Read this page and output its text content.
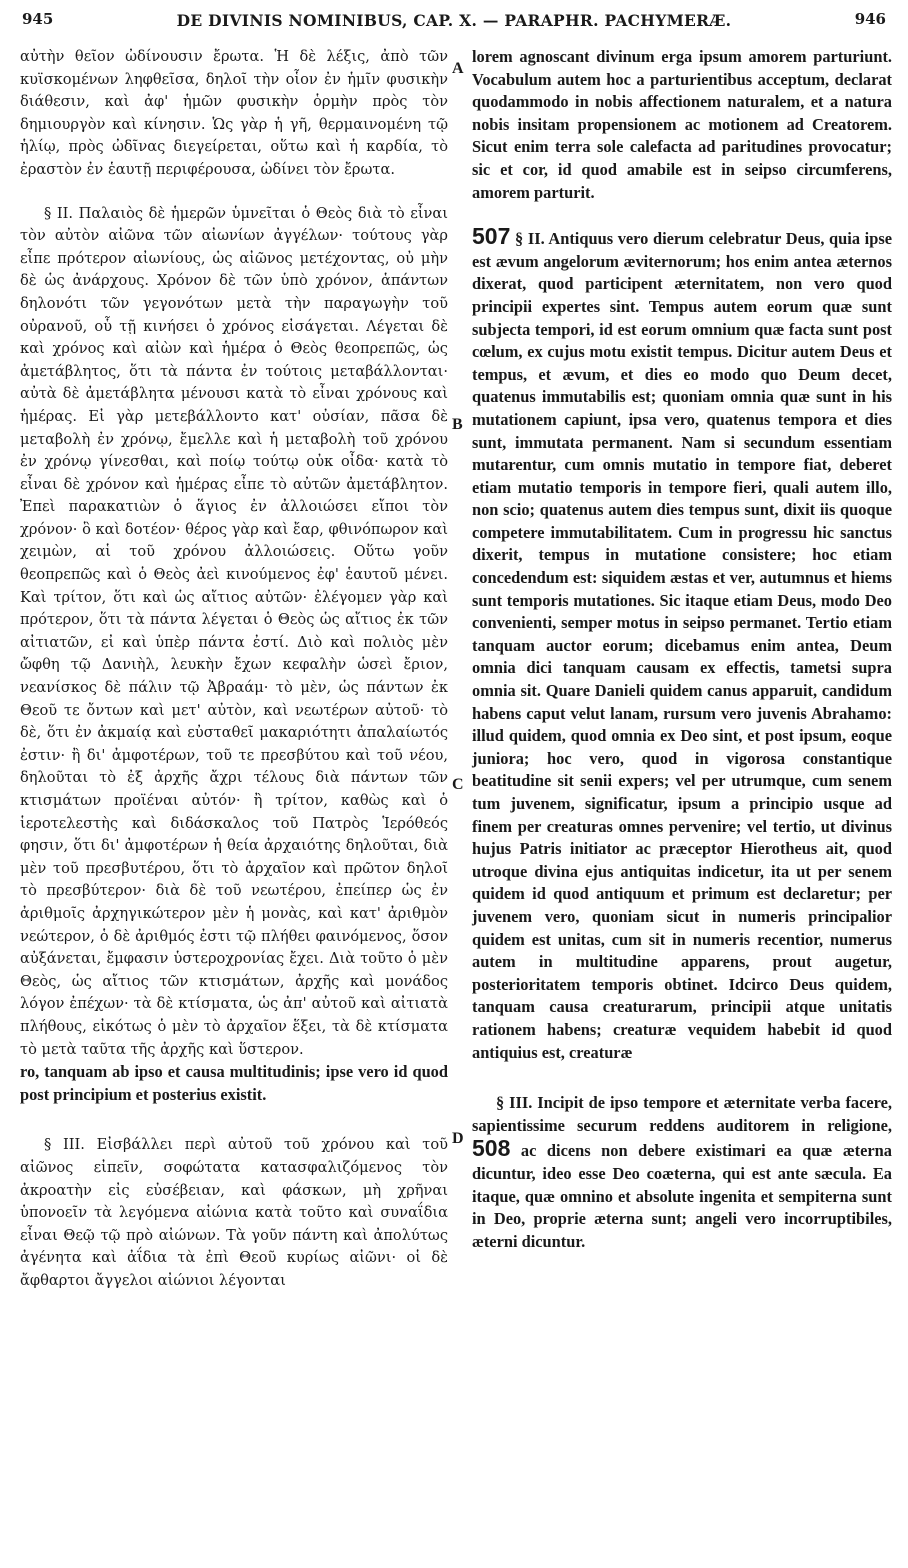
945	DE DIVINIS NOMINIBUS, CAP. X. — PARAPHR. PACHYMERÆ.	946
A
B
C
D

αὐτὴν θεῖον ὠδίνουσιν ἔρωτα. Ἡ δὲ λέξις, ἀπὸ τῶν κυϊσκομένων ληφθεῖσα, δηλοῖ τὴν οἷον ἐν ἡμῖν φυσικὴν διάθεσιν, καὶ ἀφ' ἡμῶν φυσικὴν ὁρμὴν πρὸς τὸν δημιουργὸν καὶ κίνησιν. Ὡς γὰρ ἡ γῆ, θερμαινομένη τῷ ἡλίῳ, πρὸς ὠδῖνας διεγείρεται, οὕτω καὶ ἡ καρδία, τὸ ἐραστὸν ἐν ἑαυτῇ περιφέρουσα, ὠδίνει τὸν ἔρωτα.

§ II. Παλαιὸς δὲ ἡμερῶν ὑμνεῖται ὁ Θεὸς διὰ τὸ εἶναι τὸν αὐτὸν αἰῶνα τῶν αἰωνίων ἀγγέλων· τούτους γὰρ εἶπε πρότερον αἰωνίους, ὡς αἰῶνος μετέχοντας, οὐ μὴν δὲ ὡς ἀνάρχους. Χρόνον δὲ τῶν ὑπὸ χρόνον, ἁπάντων δηλονότι τῶν γεγονότων μετὰ τὴν παραγωγὴν τοῦ οὐρανοῦ, οὗ τῇ κινήσει ὁ χρόνος εἰσάγεται. Λέγεται δὲ καὶ χρόνος καὶ αἰὼν καὶ ἡμέρα ὁ Θεὸς θεοπρεπῶς, ὡς ἀμετάβλητος, ὅτι τὰ πάντα ἐν τούτοις μεταβάλλονται· αὐτὰ δὲ ἀμετάβλητα μένουσι κατὰ τὸ εἶναι χρόνους καὶ ἡμέρας. Εἰ γὰρ μετεβάλλοντο κατ' οὐσίαν, πᾶσα δὲ μεταβολὴ ἐν χρόνῳ, ἔμελλε καὶ ἡ μεταβολὴ τοῦ χρόνου ἐν χρόνῳ γίνεσθαι, καὶ ποίῳ τούτῳ οὐκ οἶδα· κατὰ τὸ εἶναι δὲ χρόνον καὶ ἡμέρας εἶπε τὸ αὐτῶν ἀμετάβλητον. Ἐπεὶ παρακατιὼν ὁ ἅγιος ἐν ἀλλοιώσει εἴποι τὸν χρόνον· ὃ καὶ δοτέον· θέρος γὰρ καὶ ἔαρ, φθινόπωρον καὶ χειμὼν, αἱ τοῦ χρόνου ἀλλοιώσεις. Οὕτω γοῦν θεοπρεπῶς καὶ ὁ Θεὸς ἀεὶ κινούμενος ἐφ' ἑαυτοῦ μένει. Καὶ τρίτον, ὅτι καὶ ὡς αἴτιος αὐτῶν· ἐλέγομεν γὰρ καὶ πρότερον, ὅτι τὰ πάντα λέγεται ὁ Θεὸς ὡς αἴτιος ἐκ τῶν αἰτιατῶν, εἰ καὶ ὑπὲρ πάντα ἐστί. Διὸ καὶ πολιὸς μὲν ὤφθη τῷ Δανιὴλ, λευκὴν ἔχων κεφαλὴν ὡσεὶ ἔριον, νεανίσκος δὲ πάλιν τῷ Ἀβραάμ· τὸ μὲν, ὡς πάντων ἐκ Θεοῦ τε ὄντων καὶ μετ' αὐτὸν, καὶ νεωτέρων αὐτοῦ· τὸ δὲ, ὅτι ἐν ἀκμαίᾳ καὶ εὐσταθεῖ μακαριότητι ἀπαλαίωτός ἐστιν· ἢ δι' ἀμφοτέρων, τοῦ τε πρεσβύτου καὶ τοῦ νέου, δηλοῦται τὸ ἐξ ἀρχῆς ἄχρι τέλους διὰ πάντων τῶν κτισμάτων προϊέναι αὐτόν· ἢ τρίτον, καθὼς καὶ ὁ ἱεροτελεστὴς καὶ διδάσκαλος τοῦ Πατρὸς Ἱερόθεός φησιν, ὅτι δι' ἀμφοτέρων ἡ θεία ἀρχαιότης δηλοῦται, διὰ μὲν τοῦ πρεσβυτέρου, ὅτι τὸ ἀρχαῖον καὶ πρῶτον δηλοῖ τὸ πρεσβύτερον· διὰ δὲ τοῦ νεωτέρου, ἐπείπερ ὡς ἐν ἀριθμοῖς ἀρχηγικώτερον μὲν ἡ μονὰς, καὶ κατ' ἀριθμὸν νεώτερον, ὁ δὲ ἀριθμός ἐστι τῷ πλήθει φαινόμενος, ὅσον αὐξάνεται, ἔμφασιν ὑστεροχρονίας ἔχει. Διὰ τοῦτο ὁ μὲν Θεὸς, ὡς αἴτιος τῶν κτισμάτων, ἀρχῆς καὶ μονάδος λόγον ἐπέχων· τὰ δὲ κτίσματα, ὡς ἀπ' αὐτοῦ καὶ αἰτιατὰ πλήθους, εἰκότως ὁ μὲν τὸ ἀρχαῖον ἕξει, τὰ δὲ κτίσματα τὸ μετὰ ταῦτα τῆς ἀρχῆς καὶ ὕστερον.

ro, tanquam ab ipso et causa multitudinis; ipse vero id quod post principium et posterius existit.

§ III. Εἰσβάλλει περὶ αὐτοῦ τοῦ χρόνου καὶ τοῦ αἰῶνος εἰπεῖν, σοφώτατα κατασφαλιζόμενος τὸν ἀκροατὴν εἰς εὐσέβειαν, καὶ φάσκων, μὴ χρῆναι ὑπονοεῖν τὰ λεγόμενα αἰώνια κατὰ τοῦτο καὶ συναΐδια εἶναι Θεῷ τῷ πρὸ αἰώνων. Τὰ γοῦν πάντη καὶ ἀπολύτως ἀγένητα καὶ ἀΐδια τὰ ἐπὶ Θεοῦ κυρίως αἰῶνι· οἱ δὲ ἄφθαρτοι ἄγγελοι αἰώνιοι λέγονται

lorem agnoscant divinum erga ipsum amorem parturiunt. Vocabulum autem hoc a parturientibus acceptum, declarat quodammodo in nobis affectionem naturalem, et a natura nobis insitam propensionem ac motionem ad Creatorem. Sicut enim terra sole calefacta ad paritudines provocatur; sic et cor, id quod amabile est in seipso circumferens, amorem parturit.

507 § II. Antiquus vero dierum celebratur Deus, quia ipse est ævum angelorum æviternorum; hos enim antea æternos dixerat, quod participent æternitatem, non vero quod principii expertes sint. Tempus autem eorum quæ sunt subjecta tempori, id est eorum omnium quæ facta sunt post cœlum, ex cujus motu existit tempus. Dicitur autem Deus et tempus, et ævum, et dies eo modo quo Deum decet, quatenus immutabilis est; quoniam omnia quæ sunt in his mutationem capiunt, ipsa vero, quatenus tempora et dies sunt, immutata permanent. Nam si secundum essentiam mutarentur, cum omnis mutatio in tempore fiat, deberet etiam mutatio temporis in tempore fieri, quali autem illo, non scio; quatenus autem dies tempus sunt, dixit iis quoque competere immutabilitatem. Cum in progressu hic sanctus dixerit, tempus in mutatione consistere; hoc etiam concedendum est: siquidem æstas et ver, autumnus et hiems sunt temporis mutationes. Sic itaque etiam Deus, modo Deo convenienti, semper motus in seipso permanet. Tertio etiam tanquam auctor eorum; dicebamus enim antea, Deum omnia dici tanquam causam ex effectis, tametsi supra omnia sit. Quare Danieli quidem canus apparuit, candidum habens caput velut lanam, rursum vero juvenis Abrahamo: illud quidem, quod omnia ex Deo sint, et post ipsum, eoque juniora; hoc vero, quod in vigorosa constantique beatitudine sit senii expers; vel per utrumque, cum senem tum juvenem, significatur, ipsum a principio usque ad finem per creaturas omnes pervenire; vel tertio, ut divinus hujus Patris initiator ac præceptor Hierotheus ait, quod utroque divina ejus antiquitas indicetur, ita ut per senem quidem id quod antiquum et primum est declaretur; per juvenem vero, quoniam sicut in numeris principalior quidem est unitas, cum sit in numeris recentior, numerus autem in multitudine apparens, prout augetur, posterioritatem temporis obtinet. Idcirco Deus quidem, tanquam causa creaturarum, principii atque unitatis rationem habens; creaturæ vequidem habebit id quod antiquius est, creaturæ

§ III. Incipit de ipso tempore et æternitate verba facere, sapientissime securum reddens auditorem in religione, 508 ac dicens non debere existimari ea quæ æterna dicuntur, ideo esse Deo coæterna, qui est ante sæcula. Ea itaque, quæ omnino et absolute ingenita et sempiterna sunt in Deo, proprie æterna sunt; angeli vero incorruptibiles, æterni dicuntur.
